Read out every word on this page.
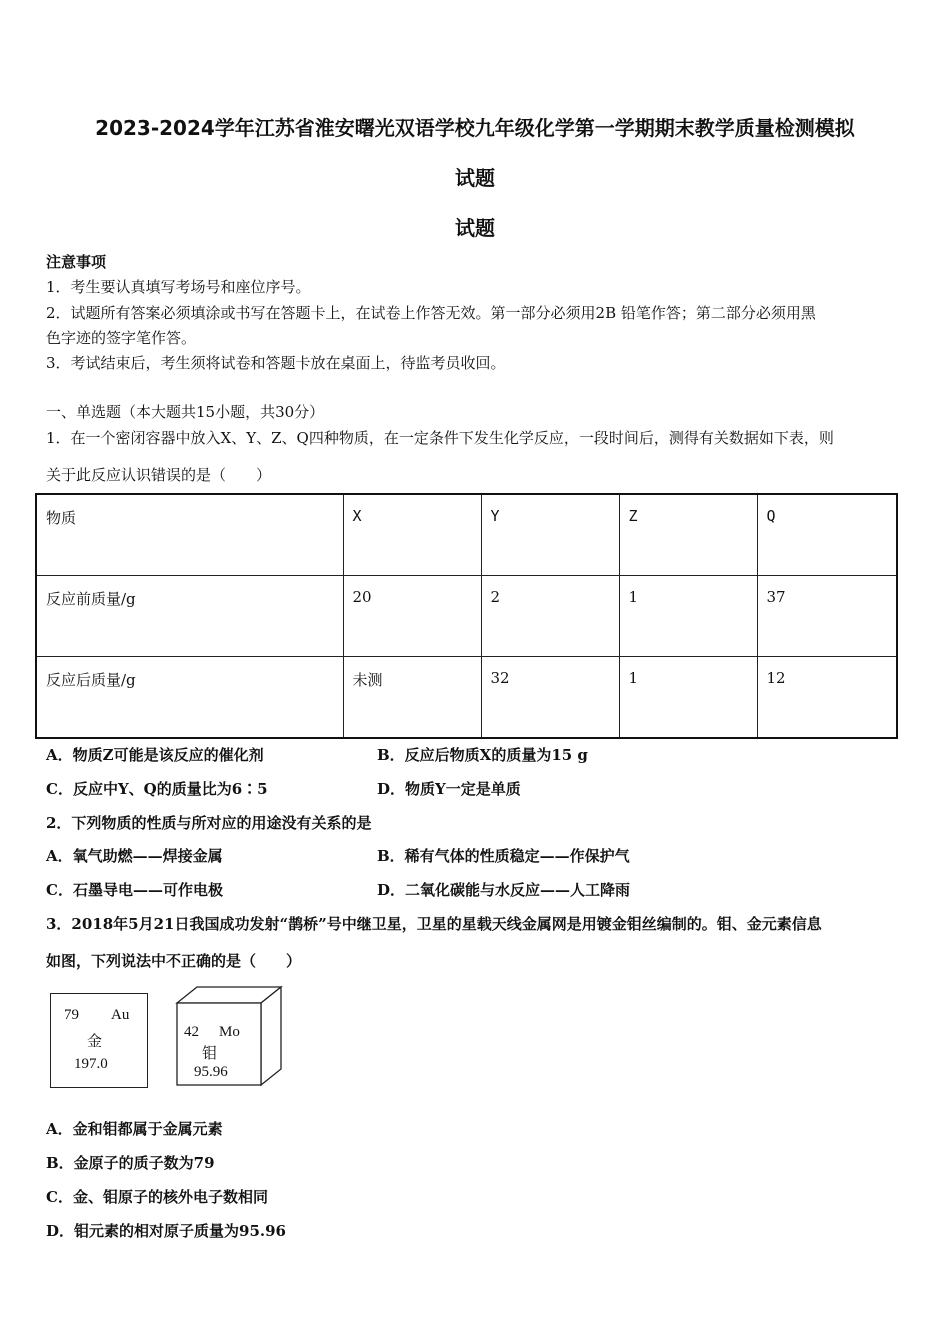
2023-2024学年江苏省淮安曙光双语学校九年级化学第一学期期末教学质量检测模拟
试题
试题
注意事项
1．考生要认真填写考场号和座位序号。
2．试题所有答案必须填涂或书写在答题卡上，在试卷上作答无效。第一部分必须用2B 铅笔作答；第二部分必须用黑
色字迹的签字笔作答。
3．考试结束后，考生须将试卷和答题卡放在桌面上，待监考员收回。
一、单选题（本大题共15小题，共30分）
1．在一个密闭容器中放入X、Y、Z、Q四种物质，在一定条件下发生化学反应，一段时间后，测得有关数据如下表，则
关于此反应认识错误的是（　　）
物质	X	Y	Z	Q
反应前质量/g	20	2	1	37
反应后质量/g	未测	32	1	12
A．物质Z可能是该反应的催化剂	B．反应后物质X的质量为15 g
C．反应中Y、Q的质量比为6∶5	D．物质Y一定是单质
2．下列物质的性质与所对应的用途没有关系的是
A．氧气助燃——焊接金属	B．稀有气体的性质稳定——作保护气
C．石墨导电——可作电极	D．二氧化碳能与水反应——人工降雨
3．2018年5月21日我国成功发射“鹊桥”号中继卫星，卫星的星载天线金属网是用镀金钼丝编制的。钼、金元素信息
如图，下列说法中不正确的是（　　）
79 Au
金
197.0
42 Mo
钼
95.96
A．金和钼都属于金属元素
B．金原子的质子数为79
C．金、钼原子的核外电子数相同
D．钼元素的相对原子质量为95.96
